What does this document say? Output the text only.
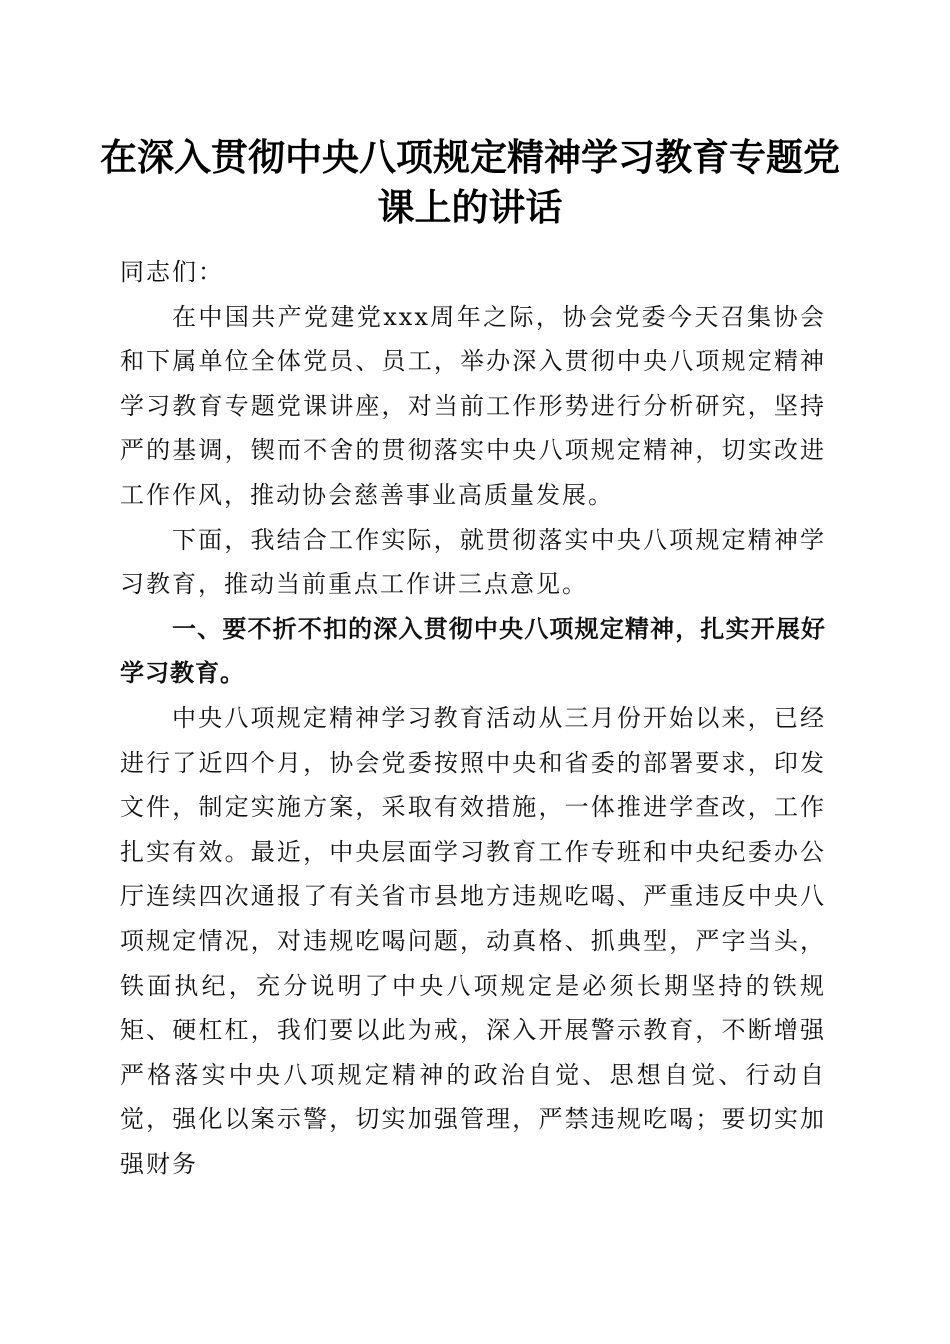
在深入贯彻中央八项规定精神学习教育专题党课上的讲话

同志们：

在中国共产党建党xxx周年之际，协会党委今天召集协会和下属单位全体党员、员工，举办深入贯彻中央八项规定精神学习教育专题党课讲座，对当前工作形势进行分析研究，坚持严的基调，锲而不舍的贯彻落实中央八项规定精神，切实改进工作作风，推动协会慈善事业高质量发展。

下面，我结合工作实际，就贯彻落实中央八项规定精神学习教育，推动当前重点工作讲三点意见。

一、要不折不扣的深入贯彻中央八项规定精神，扎实开展好学习教育。

中央八项规定精神学习教育活动从三月份开始以来，已经进行了近四个月，协会党委按照中央和省委的部署要求，印发文件，制定实施方案，采取有效措施，一体推进学查改，工作扎实有效。最近，中央层面学习教育工作专班和中央纪委办公厅连续四次通报了有关省市县地方违规吃喝、严重违反中央八项规定情况，对违规吃喝问题，动真格、抓典型，严字当头，铁面执纪，充分说明了中央八项规定是必须长期坚持的铁规矩、硬杠杠，我们要以此为戒，深入开展警示教育，不断增强严格落实中央八项规定精神的政治自觉、思想自觉、行动自觉，强化以案示警，切实加强管理，严禁违规吃喝；要切实加强财务
